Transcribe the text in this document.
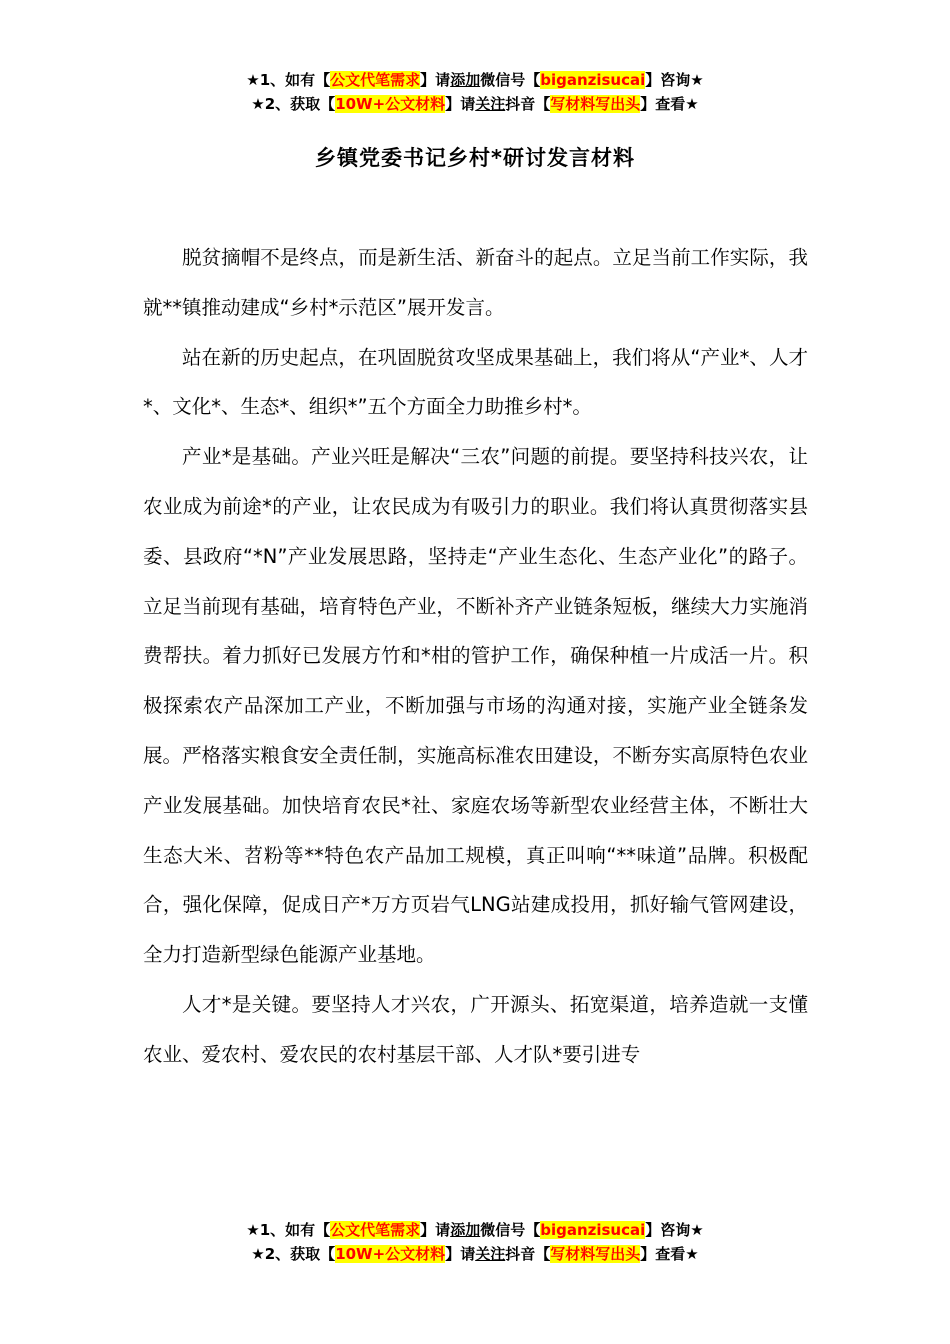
★1、如有【公文代笔需求】请添加微信号【biganzisucai】咨询★
★2、获取【10W+公文材料】请关注抖音【写材料写出头】查看★
乡镇党委书记乡村*研讨发言材料

脱贫摘帽不是终点，而是新生活、新奋斗的起点。立足当前工作实际，我就**镇推动建成“乡村*示范区”展开发言。

站在新的历史起点，在巩固脱贫攻坚成果基础上，我们将从“产业*、人才*、文化*、生态*、组织*”五个方面全力助推乡村*。

产业*是基础。产业兴旺是解决“三农”问题的前提。要坚持科技兴农，让农业成为前途*的产业，让农民成为有吸引力的职业。我们将认真贯彻落实县委、县政府“*N”产业发展思路，坚持走“产业生态化、生态产业化”的路子。立足当前现有基础，培育特色产业，不断补齐产业链条短板，继续大力实施消费帮扶。着力抓好已发展方竹和*柑的管护工作，确保种植一片成活一片。积极探索农产品深加工产业，不断加强与市场的沟通对接，实施产业全链条发展。严格落实粮食安全责任制，实施高标准农田建设，不断夯实高原特色农业产业发展基础。加快培育农民*社、家庭农场等新型农业经营主体，不断壮大生态大米、苕粉等**特色农产品加工规模，真正叫响“**味道”品牌。积极配合，强化保障，促成日产*万方页岩气LNG站建成投用，抓好输气管网建设，全力打造新型绿色能源产业基地。

人才*是关键。要坚持人才兴农，广开源头、拓宽渠道，培养造就一支懂农业、爱农村、爱农民的农村基层干部、人才队*要引进专

★1、如有【公文代笔需求】请添加微信号【biganzisucai】咨询★
★2、获取【10W+公文材料】请关注抖音【写材料写出头】查看★
